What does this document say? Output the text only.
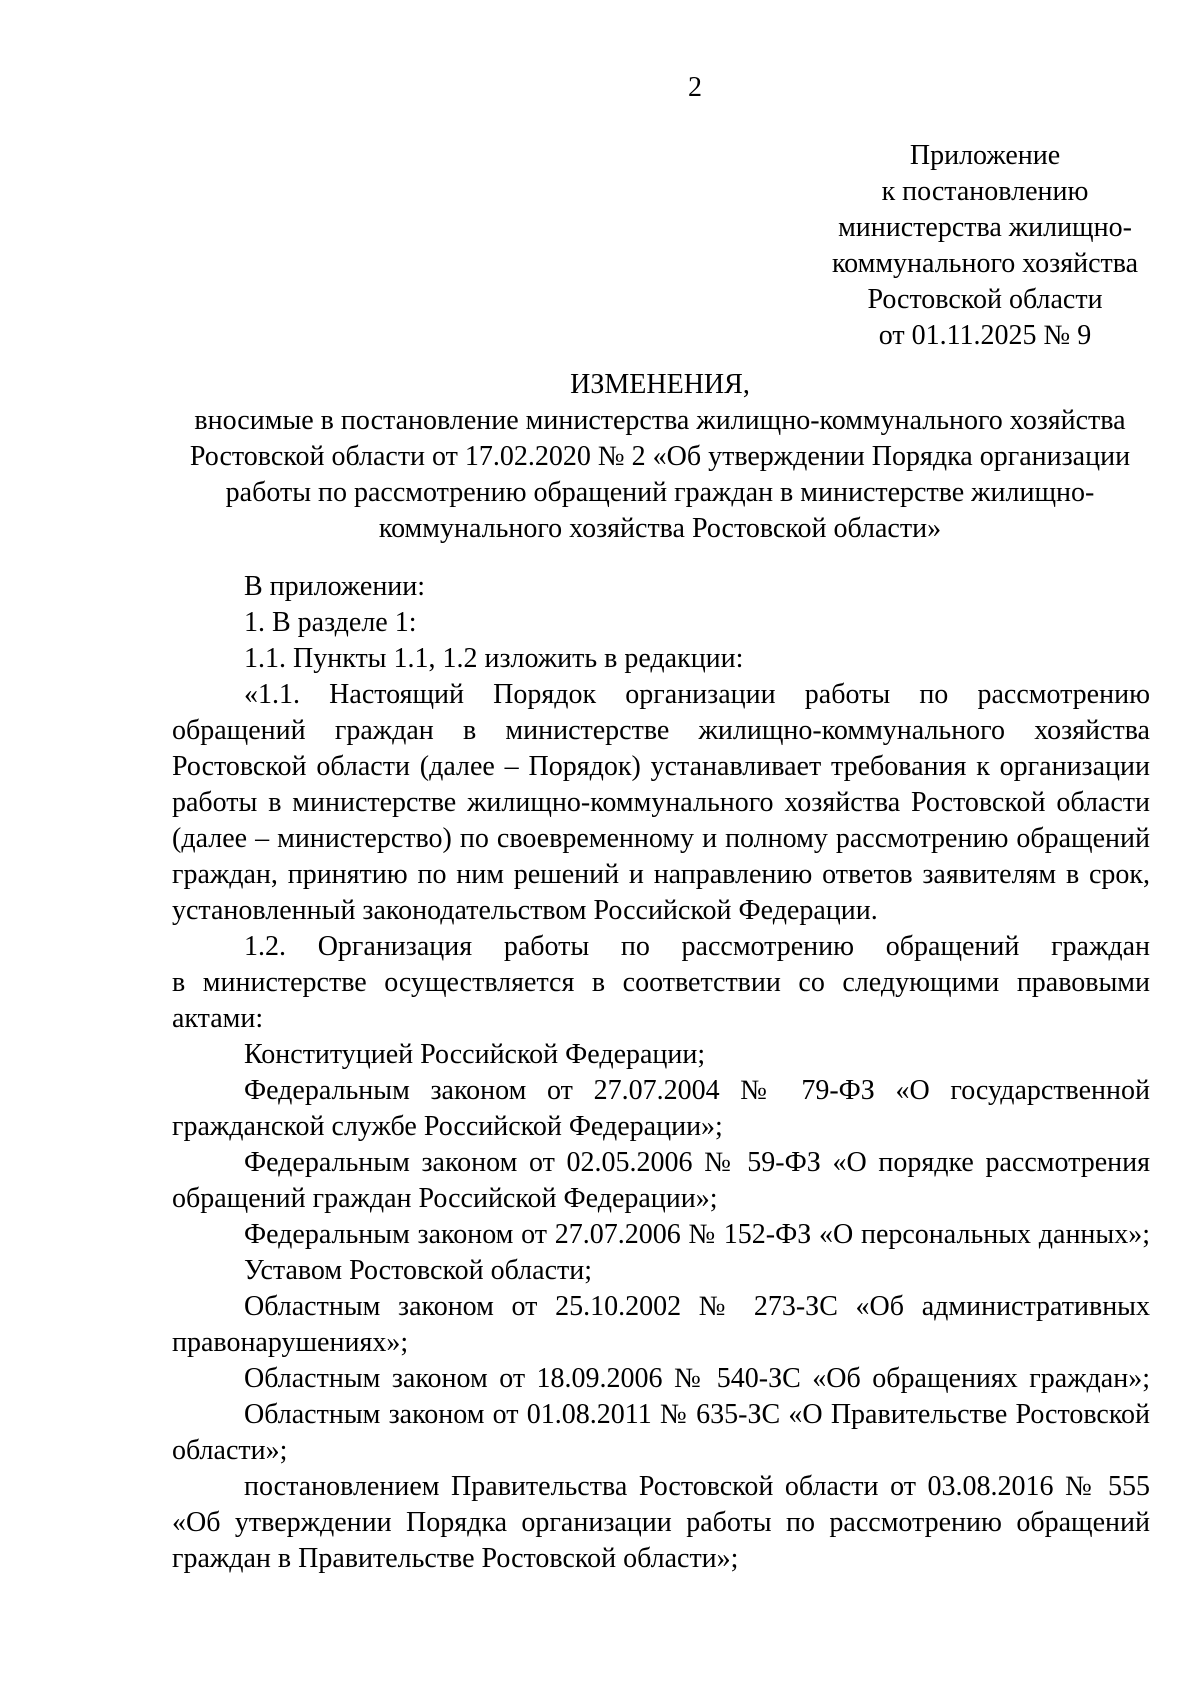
2
Приложение
к постановлению
министерства жилищно-
коммунального хозяйства
Ростовской области
от 01.11.2025 № 9
ИЗМЕНЕНИЯ,
вносимые в постановление министерства жилищно-коммунального хозяйства
Ростовской области от 17.02.2020 № 2 «Об утверждении Порядка организации
работы по рассмотрению обращений граждан в министерстве жилищно-
коммунального хозяйства Ростовской области»
В приложении:
1. В разделе 1:
1.1. Пункты 1.1, 1.2 изложить в редакции:
«1.1. Настоящий Порядок организации работы по рассмотрению
обращений граждан в министерстве жилищно-коммунального хозяйства
Ростовской области (далее – Порядок) устанавливает требования к организации
работы в министерстве жилищно-коммунального хозяйства Ростовской области
(далее – министерство) по своевременному и полному рассмотрению обращений
граждан, принятию по ним решений и направлению ответов заявителям в срок,
установленный законодательством Российской Федерации.
1.2. Организация работы по рассмотрению обращений граждан
в министерстве осуществляется в соответствии со следующими правовыми
актами:
Конституцией Российской Федерации;
Федеральным законом от 27.07.2004 № 79-ФЗ «О государственной
гражданской службе Российской Федерации»;
Федеральным законом от 02.05.2006 № 59-ФЗ «О порядке рассмотрения
обращений граждан Российской Федерации»;
Федеральным законом от 27.07.2006 № 152-ФЗ «О персональных данных»;
Уставом Ростовской области;
Областным законом от 25.10.2002 № 273-ЗС «Об административных
правонарушениях»;
Областным законом от 18.09.2006 № 540-ЗС «Об обращениях граждан»;
Областным законом от 01.08.2011 № 635-ЗС «О Правительстве Ростовской
области»;
постановлением Правительства Ростовской области от 03.08.2016 № 555
«Об утверждении Порядка организации работы по рассмотрению обращений
граждан в Правительстве Ростовской области»;
